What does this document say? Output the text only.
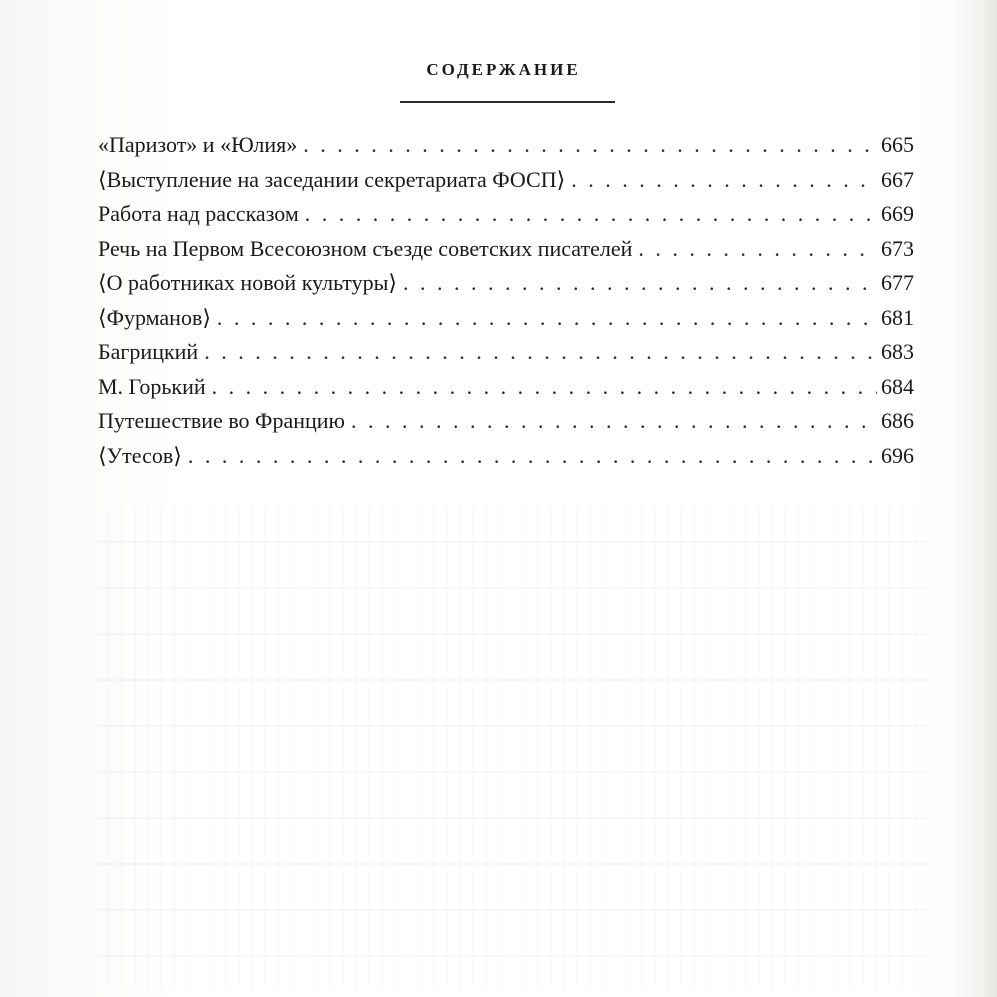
СОДЕРЖАНИЕ
«Паризот» и «Юлия» . . .	665
⟨Выступление на заседании секретариата ФОСП⟩ . . .	667
Работа над рассказом . . .	669
Речь на Первом Всесоюзном съезде советских писателей . . .	673
⟨О работниках новой культуры⟩ . . .	677
⟨Фурманов⟩ . . .	681
Багрицкий . . .	683
М. Горький . . .	684
Путешествие во Францию . . .	686
⟨Утесов⟩ . . .	696
